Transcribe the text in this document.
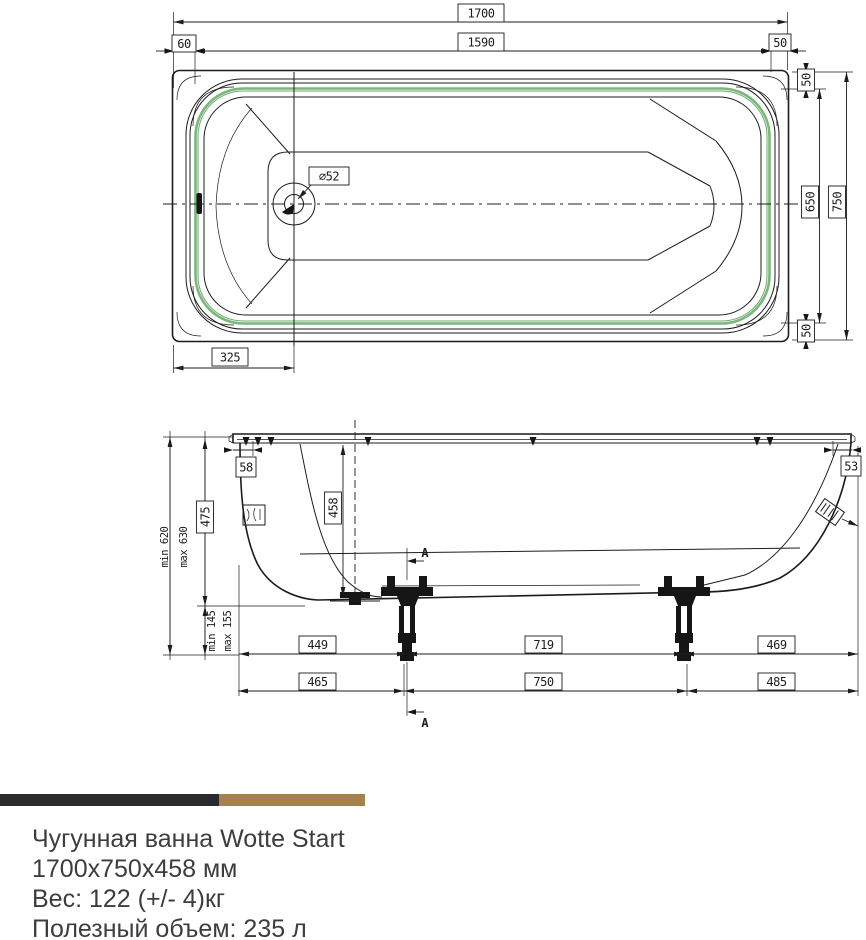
1700
1590
60	50
50
650 750
50
325
⌀52
A
A
58	53
458
475
min 620 max 630
min 145 max 155	449	719	469
465	750	485
Чугунная ванна Wotte Start
1700х750х458 мм
Вес: 122 (+/- 4)кг
Полезный объем: 235 л
